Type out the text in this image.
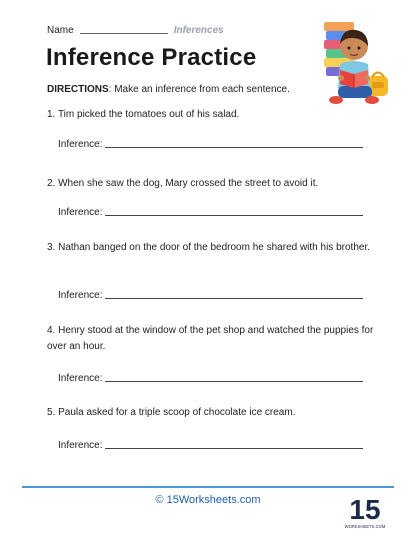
Name	Inferences
Inference Practice
DIRECTIONS: Make an inference from each sentence.
1. Tim picked the tomatoes out of his salad.
Inference:
2. When she saw the dog, Mary crossed the street to avoid it.
Inference:
3. Nathan banged on the door of the bedroom he shared with his brother.
Inference:
4. Henry stood at the window of the pet shop and watched the puppies for over an hour.
Inference:
5. Paula asked for a triple scoop of chocolate ice cream.
Inference:
© 15Worksheets.com	15
WORKSHEETS.COM
